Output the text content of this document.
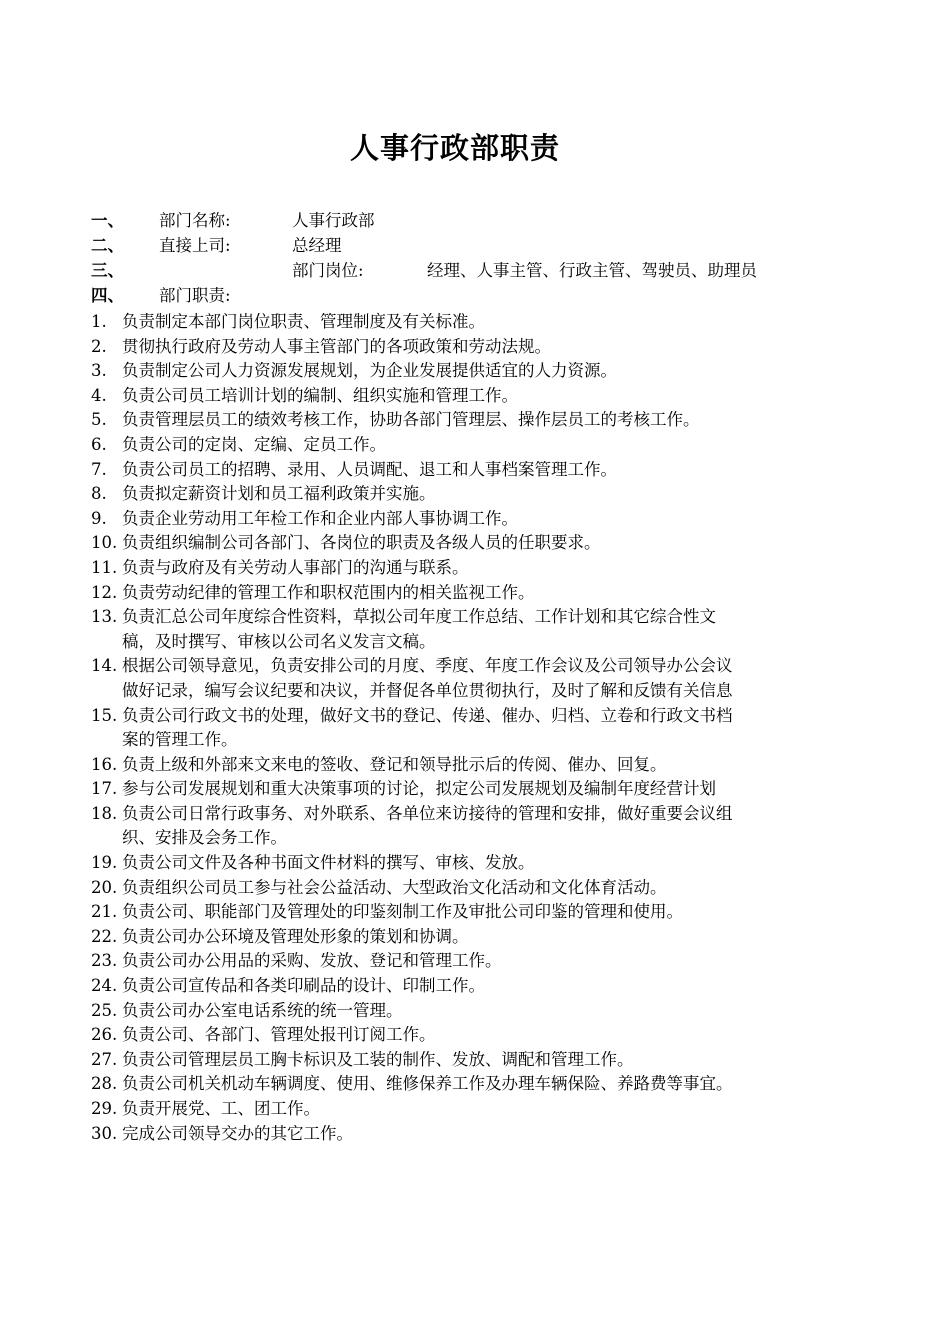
人事行政部职责
一、 部门名称:	人事行政部
二、 直接上司:	总经理
三、	部门岗位:	经理、人事主管、行政主管、驾驶员、助理员
四、 部门职责:
1. 负责制定本部门岗位职责、管理制度及有关标准。
2. 贯彻执行政府及劳动人事主管部门的各项政策和劳动法规。
3. 负责制定公司人力资源发展规划，为企业发展提供适宜的人力资源。
4. 负责公司员工培训计划的编制、组织实施和管理工作。
5. 负责管理层员工的绩效考核工作，协助各部门管理层、操作层员工的考核工作。
6. 负责公司的定岗、定编、定员工作。
7. 负责公司员工的招聘、录用、人员调配、退工和人事档案管理工作。
8. 负责拟定薪资计划和员工福利政策并实施。
9. 负责企业劳动用工年检工作和企业内部人事协调工作。
10. 负责组织编制公司各部门、各岗位的职责及各级人员的任职要求。
11. 负责与政府及有关劳动人事部门的沟通与联系。
12. 负责劳动纪律的管理工作和职权范围内的相关监视工作。
13. 负责汇总公司年度综合性资料，草拟公司年度工作总结、工作计划和其它综合性文
稿，及时撰写、审核以公司名义发言文稿。
14. 根据公司领导意见，负责安排公司的月度、季度、年度工作会议及公司领导办公会议
做好记录，编写会议纪要和决议，并督促各单位贯彻执行，及时了解和反馈有关信息
15. 负责公司行政文书的处理，做好文书的登记、传递、催办、归档、立卷和行政文书档
案的管理工作。
16. 负责上级和外部来文来电的签收、登记和领导批示后的传阅、催办、回复。
17. 参与公司发展规划和重大决策事项的讨论，拟定公司发展规划及编制年度经营计划
18. 负责公司日常行政事务、对外联系、各单位来访接待的管理和安排，做好重要会议组
织、安排及会务工作。
19. 负责公司文件及各种书面文件材料的撰写、审核、发放。
20. 负责组织公司员工参与社会公益活动、大型政治文化活动和文化体育活动。
21. 负责公司、职能部门及管理处的印鉴刻制工作及审批公司印鉴的管理和使用。
22. 负责公司办公环境及管理处形象的策划和协调。
23. 负责公司办公用品的采购、发放、登记和管理工作。
24. 负责公司宣传品和各类印刷品的设计、印制工作。
25. 负责公司办公室电话系统的统一管理。
26. 负责公司、各部门、管理处报刊订阅工作。
27. 负责公司管理层员工胸卡标识及工装的制作、发放、调配和管理工作。
28. 负责公司机关机动车辆调度、使用、维修保养工作及办理车辆保险、养路费等事宜。
29. 负责开展党、工、团工作。
30. 完成公司领导交办的其它工作。
